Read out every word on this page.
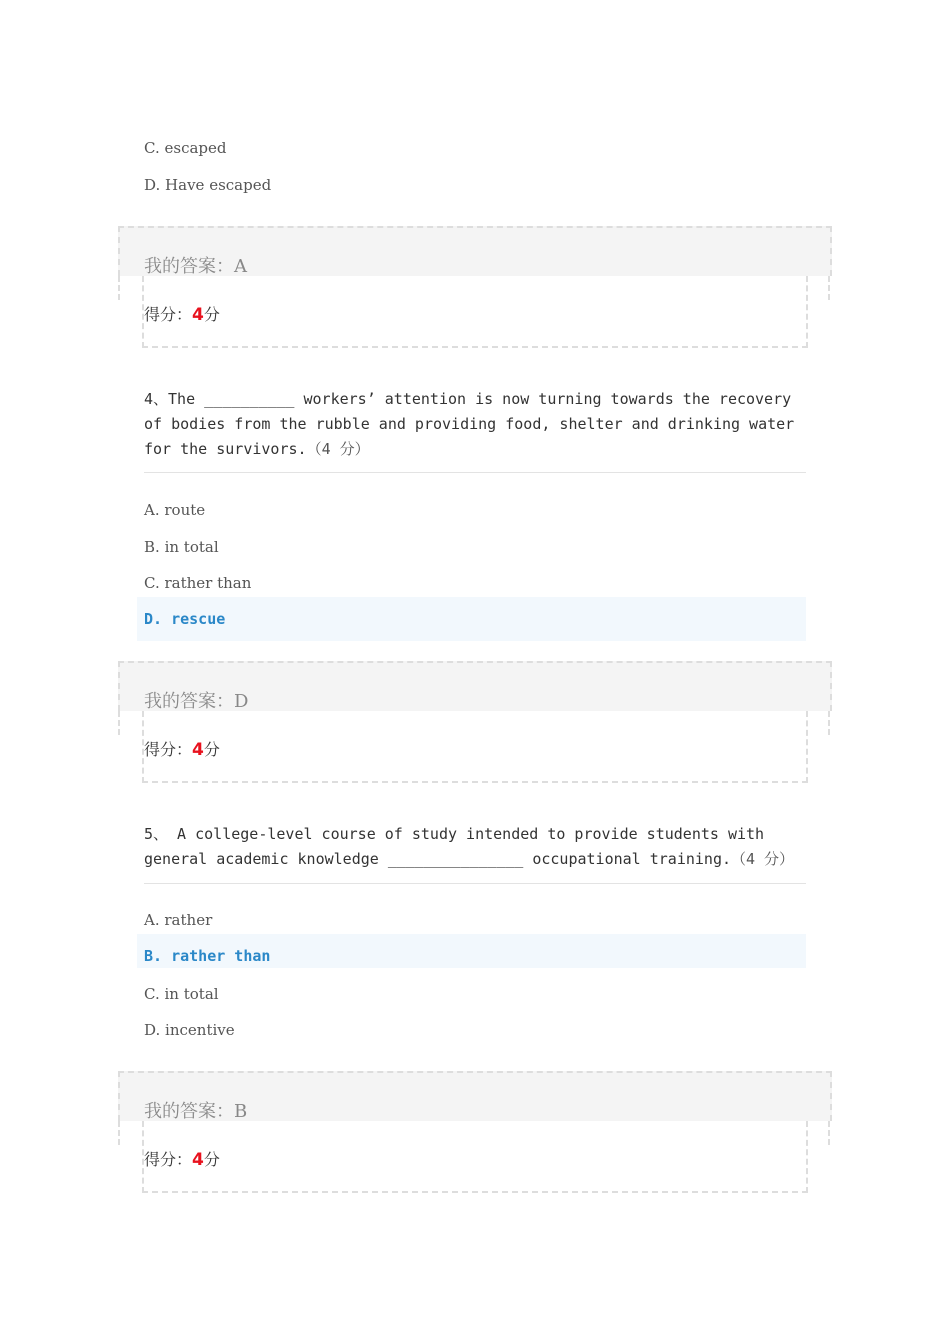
C. escaped
D. Have escaped
我的答案：A
得分：4分
4、The __________ workers’ attention is now turning towards the recovery of bodies from the rubble and providing food, shelter and drinking water for the survivors.（4 分）
A. route
B. in total
C. rather than
D. rescue
我的答案：D
得分：4分
5、 A college-level course of study intended to provide students with general academic knowledge _______________ occupational training.（4 分）
A. rather
B. rather than
C. in total
D. incentive
我的答案：B
得分：4分
